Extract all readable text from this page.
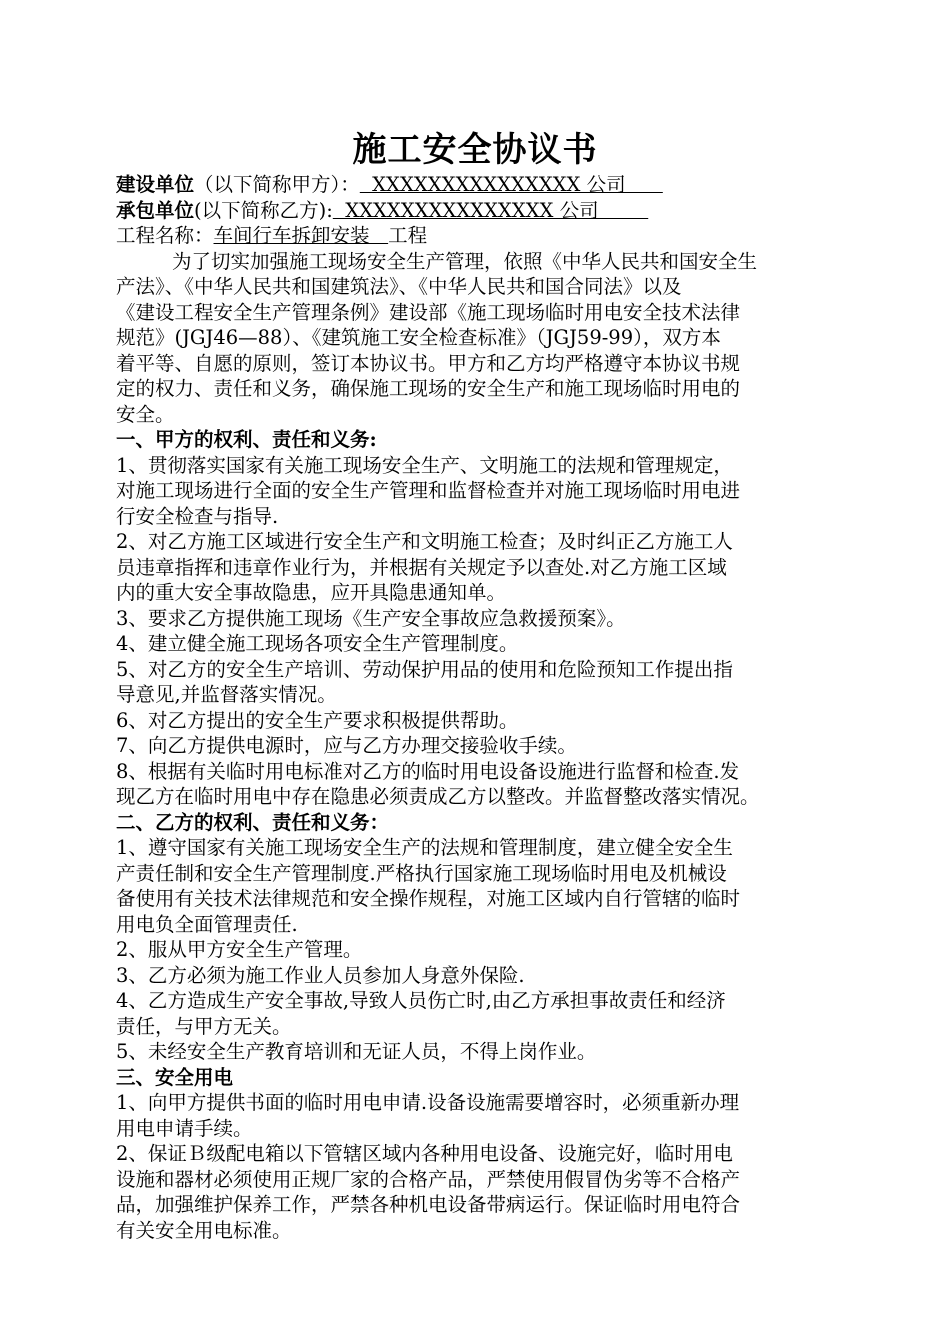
施工安全协议书
建设单位（以下简称甲方）：  XXXXXXXXXXXXXXX 公司
承包单位(以下简称乙方):  XXXXXXXXXXXXXXX 公司
工程名称：车间行车拆卸安装   工程
为了切实加强施工现场安全生产管理，依照《中华人民共和国安全生
产法》、《中华人民共和国建筑法》、《中华人民共和国合同法》以及
《建设工程安全生产管理条例》建设部《施工现场临时用电安全技术法律
规范》(JGJ46—88）、《建筑施工安全检查标准》（JGJ59-99），双方本
着平等、自愿的原则，签订本协议书。甲方和乙方均严格遵守本协议书规
定的权力、责任和义务，确保施工现场的安全生产和施工现场临时用电的
安全。
一、甲方的权利、责任和义务:
1、贯彻落实国家有关施工现场安全生产、文明施工的法规和管理规定，
对施工现场进行全面的安全生产管理和监督检查并对施工现场临时用电进
行安全检查与指导.
2、对乙方施工区域进行安全生产和文明施工检查；及时纠正乙方施工人
员违章指挥和违章作业行为，并根据有关规定予以查处.对乙方施工区域
内的重大安全事故隐患，应开具隐患通知单。
3、要求乙方提供施工现场《生产安全事故应急救援预案》。
4、建立健全施工现场各项安全生产管理制度。
5、对乙方的安全生产培训、劳动保护用品的使用和危险预知工作提出指
导意见,并监督落实情况。
6、对乙方提出的安全生产要求积极提供帮助。
7、向乙方提供电源时，应与乙方办理交接验收手续。
8、根据有关临时用电标准对乙方的临时用电设备设施进行监督和检查.发
现乙方在临时用电中存在隐患必须责成乙方以整改。并监督整改落实情况。
二、乙方的权利、责任和义务：
1、遵守国家有关施工现场安全生产的法规和管理制度，建立健全安全生
产责任制和安全生产管理制度.严格执行国家施工现场临时用电及机械设
备使用有关技术法律规范和安全操作规程，对施工区域内自行管辖的临时
用电负全面管理责任.
2、服从甲方安全生产管理。
3、乙方必须为施工作业人员参加人身意外保险.
4、乙方造成生产安全事故,导致人员伤亡时,由乙方承担事故责任和经济
责任，与甲方无关。
5、未经安全生产教育培训和无证人员，不得上岗作业。
三、安全用电
1、向甲方提供书面的临时用电申请.设备设施需要增容时，必须重新办理
用电申请手续。
2、保证Ｂ级配电箱以下管辖区域内各种用电设备、设施完好，临时用电
设施和器材必须使用正规厂家的合格产品，严禁使用假冒伪劣等不合格产
品，加强维护保养工作，严禁各种机电设备带病运行。保证临时用电符合
有关安全用电标准。
